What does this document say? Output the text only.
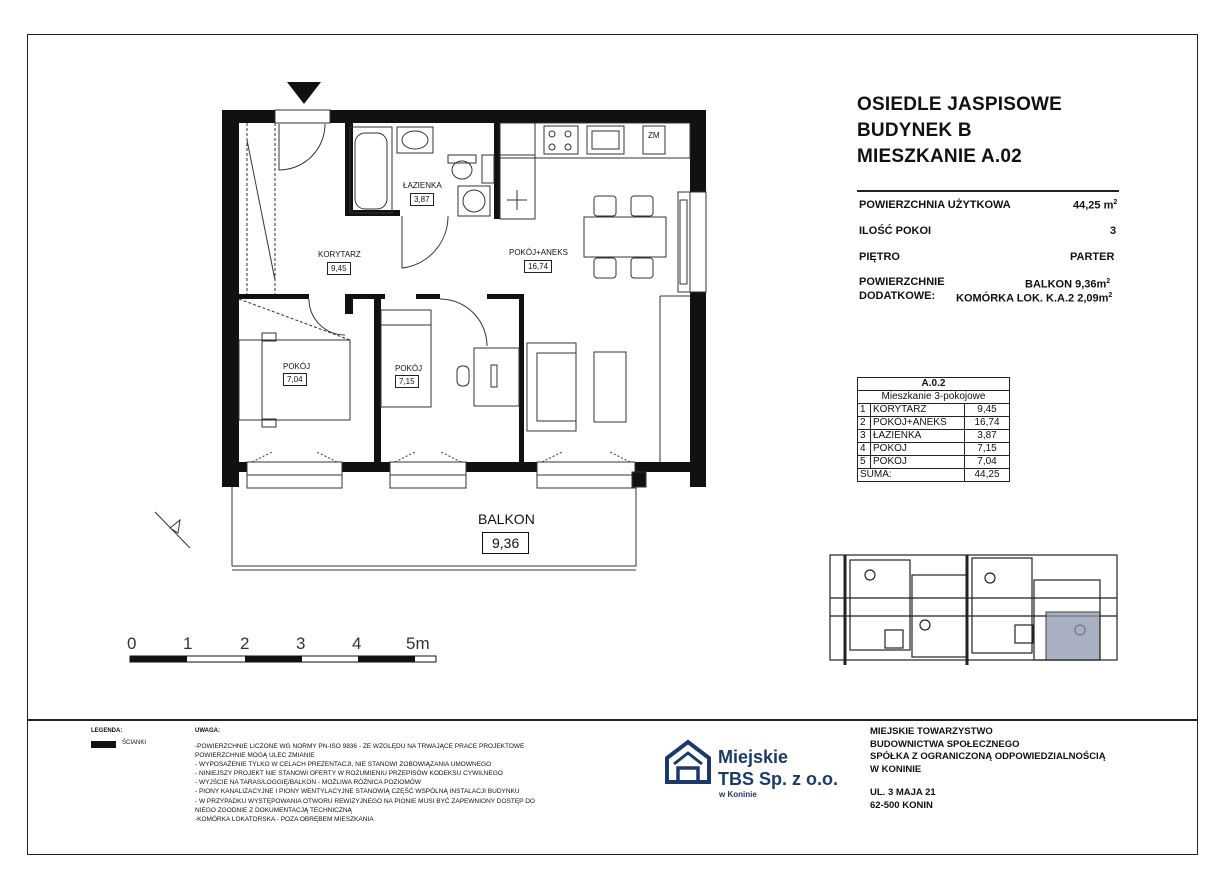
OSIEDLE JASPISOWE
BUDYNEK B
MIESZKANIE A.02
POWIERZCHNIA UŻYTKOWA	44,25 $m^2$
ILOŚĆ POKOI	3
PIĘTRO	PARTER
POWIERZCHNIE
DODATKOWE:
BALKON $9,36m^2$
KOMÓRKA LOK. K.A.2 $2,09m^2$
A.0.2		
Mieszkanie 3-pokojowe		
1	KORYTARZ	9,45
2	POKÓJ+ANEKS	16,74
3	ŁAZIENKA	3,87
4	POKÓJ	7,15
5	POKÓJ	7,04
SUMA:		44,25
ŁAZIENKA
3,87
KORYTARZ
9,45
POKÓJ+ANEKS
16,74
POKÓJ
7,04
POKÓJ
7,15
ZM
BALKON
9,36
0	1	2	3	4	5m
LEGENDA:
ŚCIANKI
UWAGA:
-POWIERZCHNIE LICZONE WG NORMY PN-ISO 9836 - ZE WZGLĘDU NA TRWAJĄCE PRACE PROJEKTOWE
POWIERZCHNIE MOGĄ ULEC ZMIANIE
- WYPOSAŻENIE TYLKO W CELACH PREZENTACJI, NIE STANOWI ZOBOWIĄZANIA UMOWNEGO
- NINIEJSZY PROJEKT NIE STANOWI OFERTY W ROZUMIENIU PRZEPISÓW KODEKSU CYWILNEGO
- WYJŚCIE NA TARAS/LOGGIĘ/BALKON - MOŻLIWA RÓŻNICA POZIOMÓW
- PIONY KANALIZACYJNE I PIONY WENTYLACYJNE STANOWIĄ CZĘŚĆ WSPÓLNĄ INSTALACJI BUDYNKU
- W PRZYPADKU WYSTĘPOWANIA OTWORU REWIZYJNEGO NA PIONIE MUSI BYĆ ZAPEWNIONY DOSTĘP DO
NIEGO ZGODNIE Z DOKUMENTACJĄ TECHNICZNĄ
-KOMÓRKA LOKATORSKA - POZA OBRĘBEM MIESZKANIA
Miejskie
TBS Sp. z o.o.
w Koninie
MIEJSKIE TOWARZYSTWO
BUDOWNICTWA SPOŁECZNEGO
SPÓŁKA Z OGRANICZONĄ ODPOWIEDZIALNOŚCIĄ
W KONINIE
UL. 3 MAJA 21
62-500 KONIN
